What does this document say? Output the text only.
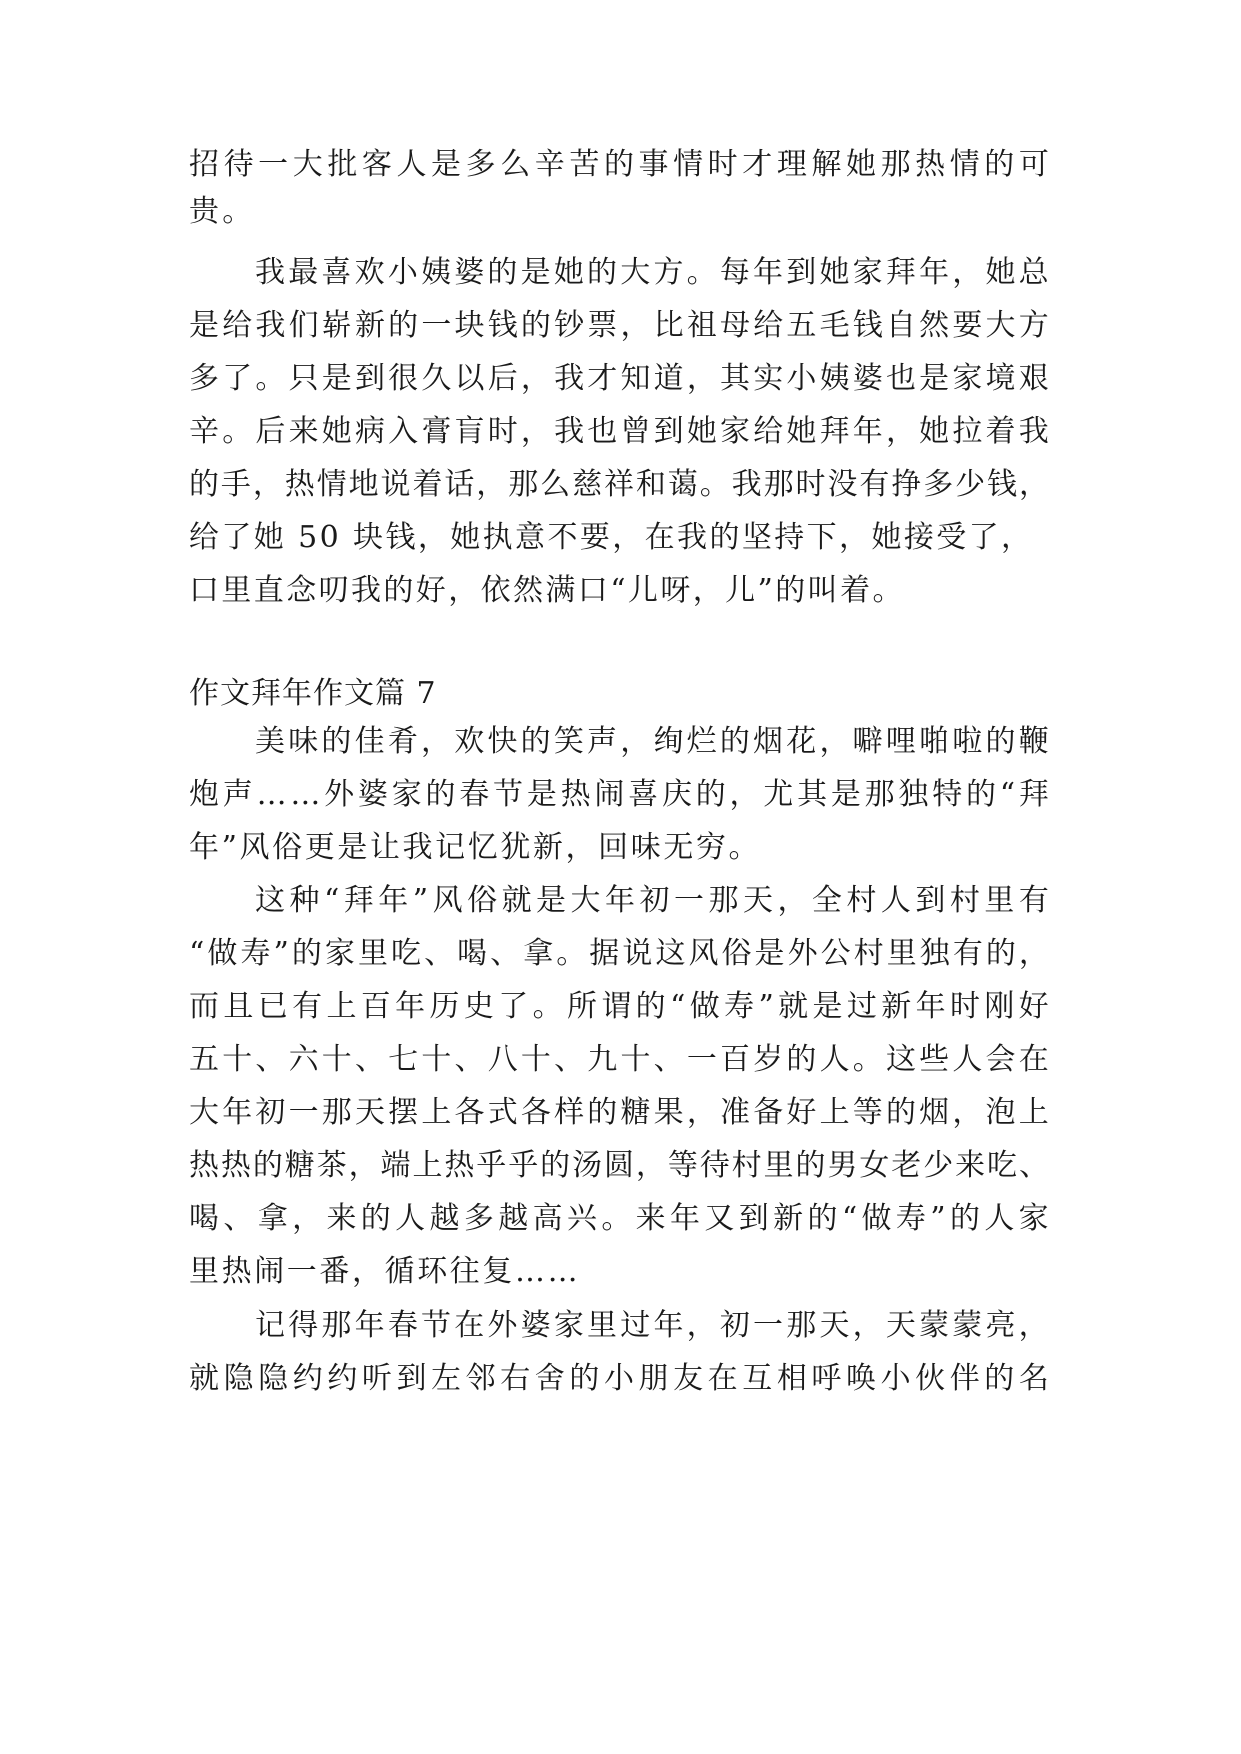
招 待 一 大 批 客 人 是 多 么 辛 苦 的 事 情 时 才 理 解 她 那 热 情 的 可
贵。
我 最 喜 欢 小 姨 婆 的 是 她 的 大 方 。 每 年 到 她 家 拜 年 ， 她 总
是 给 我 们 崭 新 的 一 块 钱 的 钞 票 ， 比 祖 母 给 五 毛 钱 自 然 要 大 方
多 了 。 只 是 到 很 久 以 后 ， 我 才 知 道 ， 其 实 小 姨 婆 也 是 家 境 艰
辛 。 后 来 她 病 入 膏 肓 时 ， 我 也 曾 到 她 家 给 她 拜 年 ， 她 拉 着 我
的 手 ， 热 情 地 说 着 话 ， 那 么 慈 祥 和 蔼 。 我 那 时 没 有 挣 多 少 钱 ，
给了她 50 块钱，她执意不要，在我的坚持下，她接受了，
口里直念叨我的好，依然满口“儿呀，儿”的叫着。
作文拜年作文篇 7
美 味 的 佳 肴 ， 欢 快 的 笑 声 ， 绚 烂 的 烟 花 ， 噼 哩 啪 啦 的 鞭
炮 声 … … 外 婆 家 的 春 节 是 热 闹 喜 庆 的 ， 尤 其 是 那 独 特 的 “ 拜
年”风俗更是让我记忆犹新，回味无穷。
这 种 “ 拜 年 ” 风 俗 就 是 大 年 初 一 那 天 ， 全 村 人 到 村 里 有
“ 做 寿 ” 的 家 里 吃 、 喝 、 拿 。 据 说 这 风 俗 是 外 公 村 里 独 有 的 ，
而 且 已 有 上 百 年 历 史 了 。 所 谓 的 “ 做 寿 ” 就 是 过 新 年 时 刚 好
五 十 、 六 十 、 七 十 、 八 十 、 九 十 、 一 百 岁 的 人 。 这 些 人 会 在
大 年 初 一 那 天 摆 上 各 式 各 样 的 糖 果 ， 准 备 好 上 等 的 烟 ， 泡 上
热 热 的 糖 茶 ， 端 上 热 乎 乎 的 汤 圆 ， 等 待 村 里 的 男 女 老 少 来 吃 、
喝 、 拿 ， 来 的 人 越 多 越 高 兴 。 来 年 又 到 新 的 “ 做 寿 ” 的 人 家
里热闹一番，循环往复……
记 得 那 年 春 节 在 外 婆 家 里 过 年 ， 初 一 那 天 ， 天 蒙 蒙 亮 ，
就 隐 隐 约 约 听 到 左 邻 右 舍 的 小 朋 友 在 互 相 呼 唤 小 伙 伴 的 名
